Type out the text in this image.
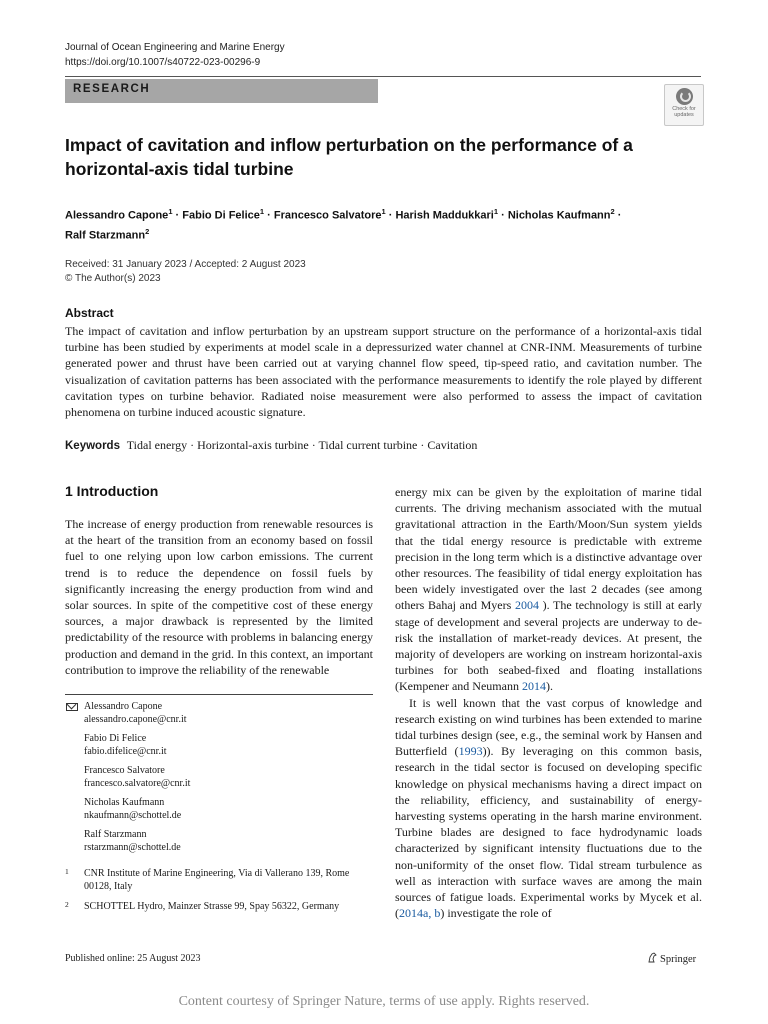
Journal of Ocean Engineering and Marine Energy
https://doi.org/10.1007/s40722-023-00296-9
RESEARCH
Check for updates
Impact of cavitation and inflow perturbation on the performance of a horizontal-axis tidal turbine
Alessandro Capone$^1$ · Fabio Di Felice$^1$ · Francesco Salvatore$^1$ · Harish Maddukkari$^1$ · Nicholas Kaufmann$^2$ ·
Ralf Starzmann$^2$
Received: 31 January 2023 / Accepted: 2 August 2023
© The Author(s) 2023
Abstract

The impact of cavitation and inflow perturbation by an upstream support structure on the performance of a horizontal-axis tidal turbine has been studied by experiments at model scale in a depressurized water channel at CNR-INM. Measurements of turbine generated power and thrust have been carried out at varying channel flow speed, tip-speed ratio, and cavitation number. The visualization of cavitation patterns has been associated with the performance measurements to identify the role played by different cavitation types on turbine behavior. Radiated noise measurement were also performed to assess the impact of cavitation phenomena on turbine induced acoustic signature.

Keywords Tidal energy · Horizontal-axis turbine · Tidal current turbine · Cavitation
1 Introduction

The increase of energy production from renewable resources is at the heart of the transition from an economy based on fossil fuel to one relying upon low carbon emissions. The current trend is to reduce the dependence on fossil fuels by significantly increasing the energy production from wind and solar sources. In spite of the competitive cost of these energy sources, a major drawback is represented by the limited predictability of the resource with problems in balancing energy production and demand in the grid. In this context, an important contribution to improve the reliability of the renewable

energy mix can be given by the exploitation of marine tidal currents. The driving mechanism associated with the mutual gravitational attraction in the Earth/Moon/Sun system yields that the tidal energy resource is predictable with extreme precision in the long term which is a distinctive advantage over other resources. The feasibility of tidal energy exploitation has been widely investigated over the last 2 decades (see among others Bahaj and Myers 2004 ). The technology is still at early stage of development and several projects are underway to de-risk the installation of market-ready devices. At present, the majority of developers are working on instream horizontal-axis turbines for both seabed-fixed and floating installations (Kempener and Neumann 2014).

It is well known that the vast corpus of knowledge and research existing on wind turbines has been extended to marine tidal turbines design (see, e.g., the seminal work by Hansen and Butterfield (1993)). By leveraging on this common basis, research in the tidal sector is focused on developing specific knowledge on physical mechanisms having a direct impact on the reliability, efficiency, and sustainability of energy-harvesting systems operating in the harsh marine environment. Turbine blades are designed to face hydrodynamic loads characterized by significant intensity fluctuations due to the non-uniformity of the onset flow. Tidal stream turbulence as well as interaction with surface waves are among the main sources of fatigue loads. Experimental works by Mycek et al. (2014a, b) investigate the role of

Alessandro Capone
alessandro.capone@cnr.it
Fabio Di Felice
fabio.difelice@cnr.it
Francesco Salvatore
francesco.salvatore@cnr.it
Nicholas Kaufmann
nkaufmann@schottel.de
Ralf Starzmann
rstarzmann@schottel.de
1 CNR Institute of Marine Engineering, Via di Vallerano 139, Rome 00128, Italy
2 SCHOTTEL Hydro, Mainzer Strasse 99, Spay 56322, Germany
Published online: 25 August 2023	Springer
Content courtesy of Springer Nature, terms of use apply. Rights reserved.
